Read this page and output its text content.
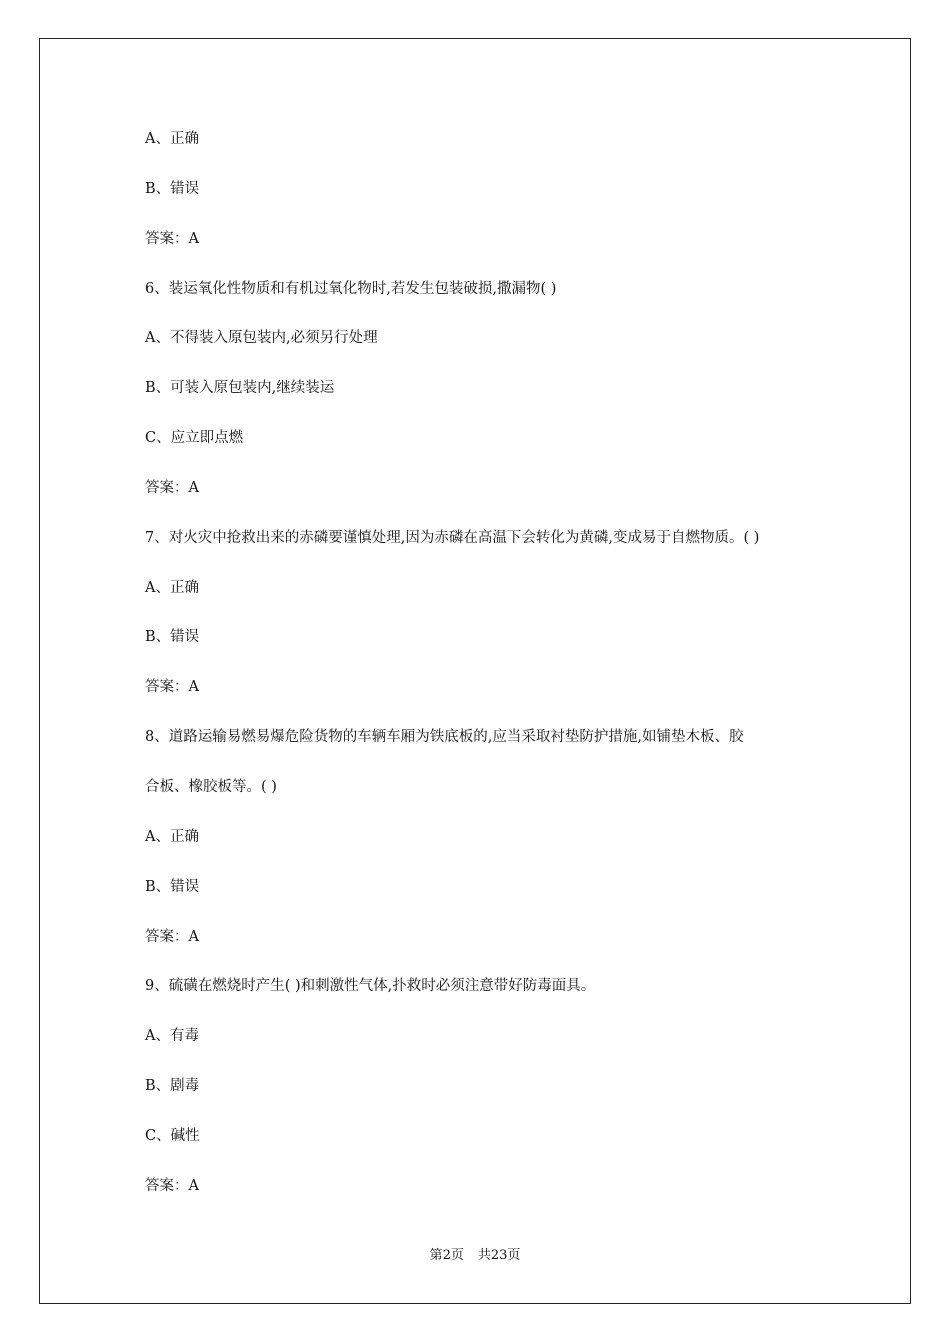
A、正确
B、错误
答案：A
6、装运氧化性物质和有机过氧化物时,若发生包装破损,撒漏物( )
A、不得装入原包装内,必须另行处理
B、可装入原包装内,继续装运
C、应立即点燃
答案：A
7、对火灾中抢救出来的赤磷要谨慎处理,因为赤磷在高温下会转化为黄磷,变成易于自燃物质。( )
A、正确
B、错误
答案：A
8、道路运输易燃易爆危险货物的车辆车厢为铁底板的,应当采取衬垫防护措施,如铺垫木板、胶
合板、橡胶板等。( )
A、正确
B、错误
答案：A
9、硫磺在燃烧时产生( )和刺激性气体,扑救时必须注意带好防毒面具。
A、有毒
B、剧毒
C、碱性
答案：A
第2页 共23页
